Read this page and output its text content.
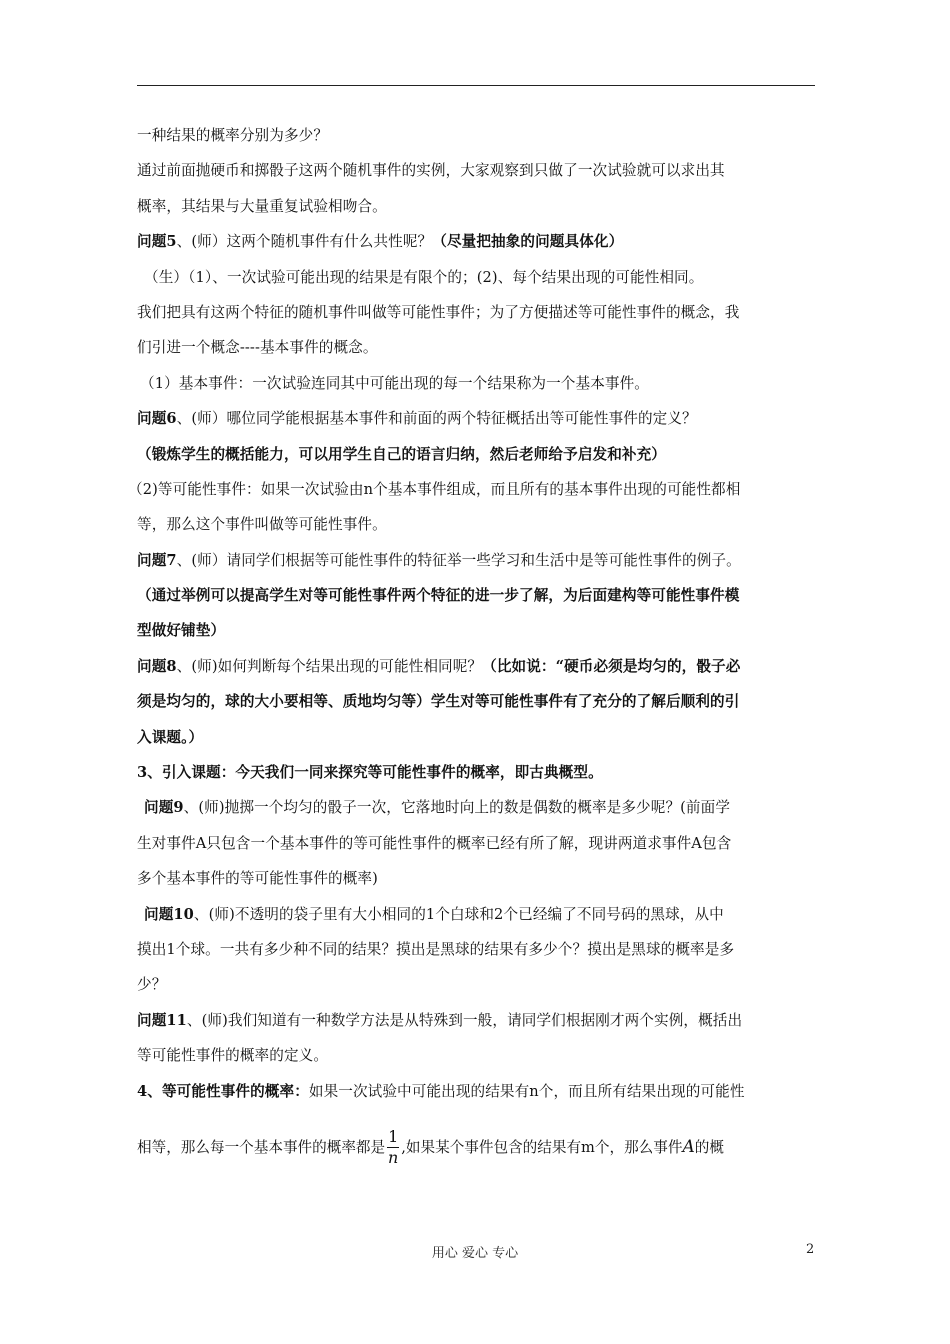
一种结果的概率分别为多少？
通过前面抛硬币和掷骰子这两个随机事件的实例，大家观察到只做了一次试验就可以求出其
概率，其结果与大量重复试验相吻合。
问题5、(师）这两个随机事件有什么共性呢？（尽量把抽象的问题具体化）
（生）（1）、一次试验可能出现的结果是有限个的；(2)、每个结果出现的可能性相同。
我们把具有这两个特征的随机事件叫做等可能性事件；为了方便描述等可能性事件的概念，我
们引进一个概念----基本事件的概念。
（1）基本事件：一次试验连同其中可能出现的每一个结果称为一个基本事件。
问题6、(师）哪位同学能根据基本事件和前面的两个特征概括出等可能性事件的定义？
（锻炼学生的概括能力，可以用学生自己的语言归纳，然后老师给予启发和补充）
（2)等可能性事件：如果一次试验由n个基本事件组成，而且所有的基本事件出现的可能性都相
等，那么这个事件叫做等可能性事件。
问题7、(师）请同学们根据等可能性事件的特征举一些学习和生活中是等可能性事件的例子。
（通过举例可以提高学生对等可能性事件两个特征的进一步了解，为后面建构等可能性事件模
型做好铺垫）
问题8、(师)如何判断每个结果出现的可能性相同呢？（比如说：“硬币必须是均匀的，骰子必
须是均匀的，球的大小要相等、质地均匀等）学生对等可能性事件有了充分的了解后顺利的引
入课题。）
3、引入课题：今天我们一同来探究等可能性事件的概率，即古典概型。
问题9、(师)抛掷一个均匀的骰子一次，它落地时向上的数是偶数的概率是多少呢？(前面学
生对事件A只包含一个基本事件的等可能性事件的概率已经有所了解，现讲两道求事件A包含
多个基本事件的等可能性事件的概率)
问题10、(师)不透明的袋子里有大小相同的1个白球和2个已经编了不同号码的黑球，从中
摸出1个球。一共有多少种不同的结果？摸出是黑球的结果有多少个？摸出是黑球的概率是多
少？
问题11、(师)我们知道有一种数学方法是从特殊到一般，请同学们根据刚才两个实例，概括出
等可能性事件的概率的定义。
4、等可能性事件的概率：如果一次试验中可能出现的结果有n个，而且所有结果出现的可能性
相等，那么每一个基本事件的概率都是 $\frac{1}{n}$ ,如果某个事件包含的结果有m个，那么事件A的概
用心 爱心 专心	2
